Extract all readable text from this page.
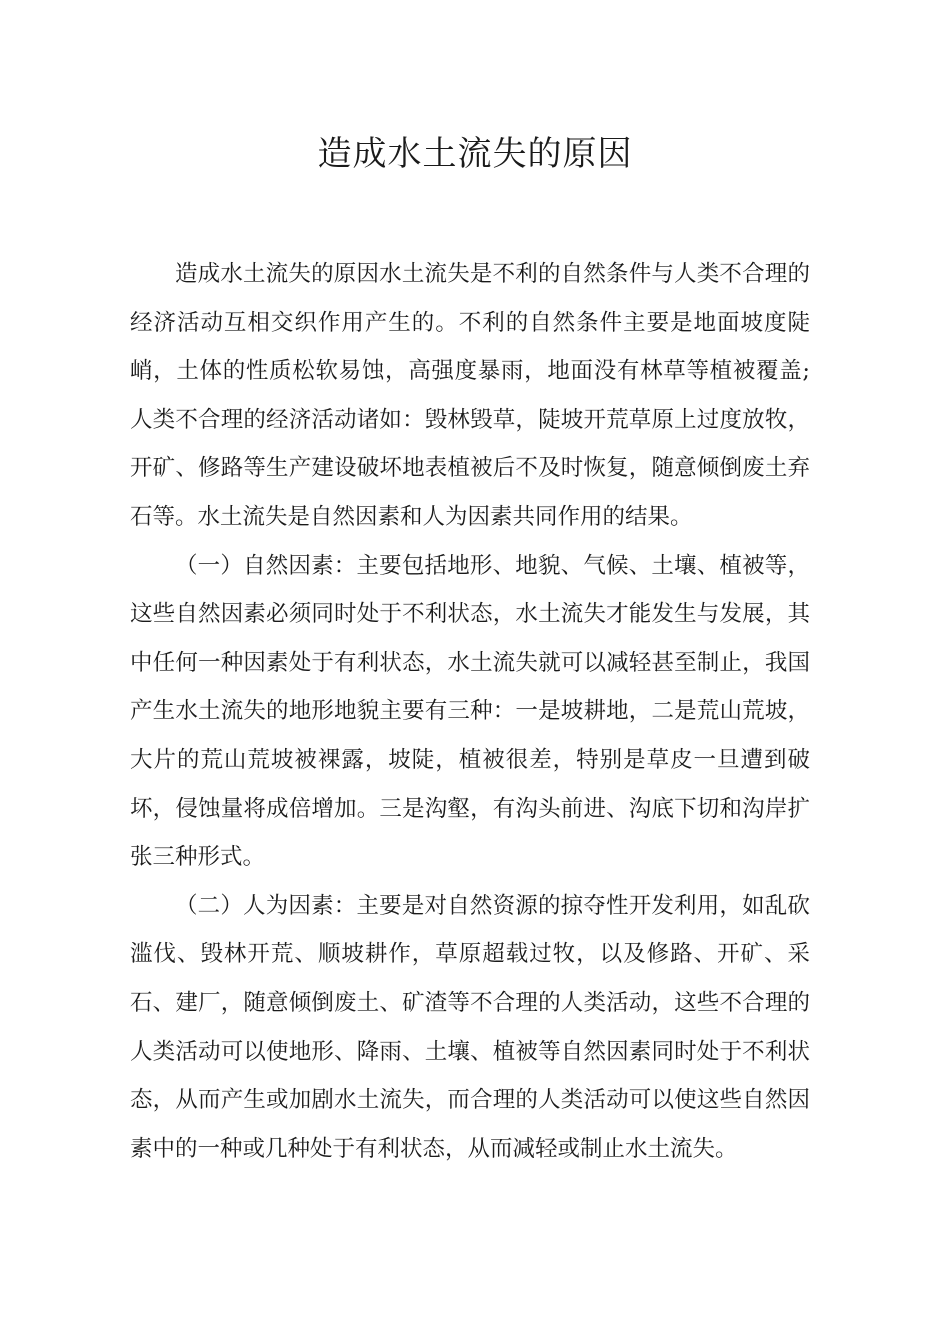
造成水土流失的原因

造成水土流失的原因水土流失是不利的自然条件与人类不合理的经济活动互相交织作用产生的。不利的自然条件主要是地面坡度陡峭，土体的性质松软易蚀，高强度暴雨，地面没有林草等植被覆盖;人类不合理的经济活动诸如：毁林毁草，陡坡开荒草原上过度放牧，开矿、修路等生产建设破坏地表植被后不及时恢复，随意倾倒废土弃石等。水土流失是自然因素和人为因素共同作用的结果。

（一）自然因素：主要包括地形、地貌、气候、土壤、植被等，这些自然因素必须同时处于不利状态，水土流失才能发生与发展，其中任何一种因素处于有利状态，水土流失就可以减轻甚至制止，我国产生水土流失的地形地貌主要有三种：一是坡耕地，二是荒山荒坡，大片的荒山荒坡被裸露，坡陡，植被很差，特别是草皮一旦遭到破坏，侵蚀量将成倍增加。三是沟壑，有沟头前进、沟底下切和沟岸扩张三种形式。

（二）人为因素：主要是对自然资源的掠夺性开发利用，如乱砍滥伐、毁林开荒、顺坡耕作，草原超载过牧，以及修路、开矿、采石、建厂，随意倾倒废土、矿渣等不合理的人类活动，这些不合理的人类活动可以使地形、降雨、土壤、植被等自然因素同时处于不利状态，从而产生或加剧水土流失，而合理的人类活动可以使这些自然因素中的一种或几种处于有利状态，从而减轻或制止水土流失。
